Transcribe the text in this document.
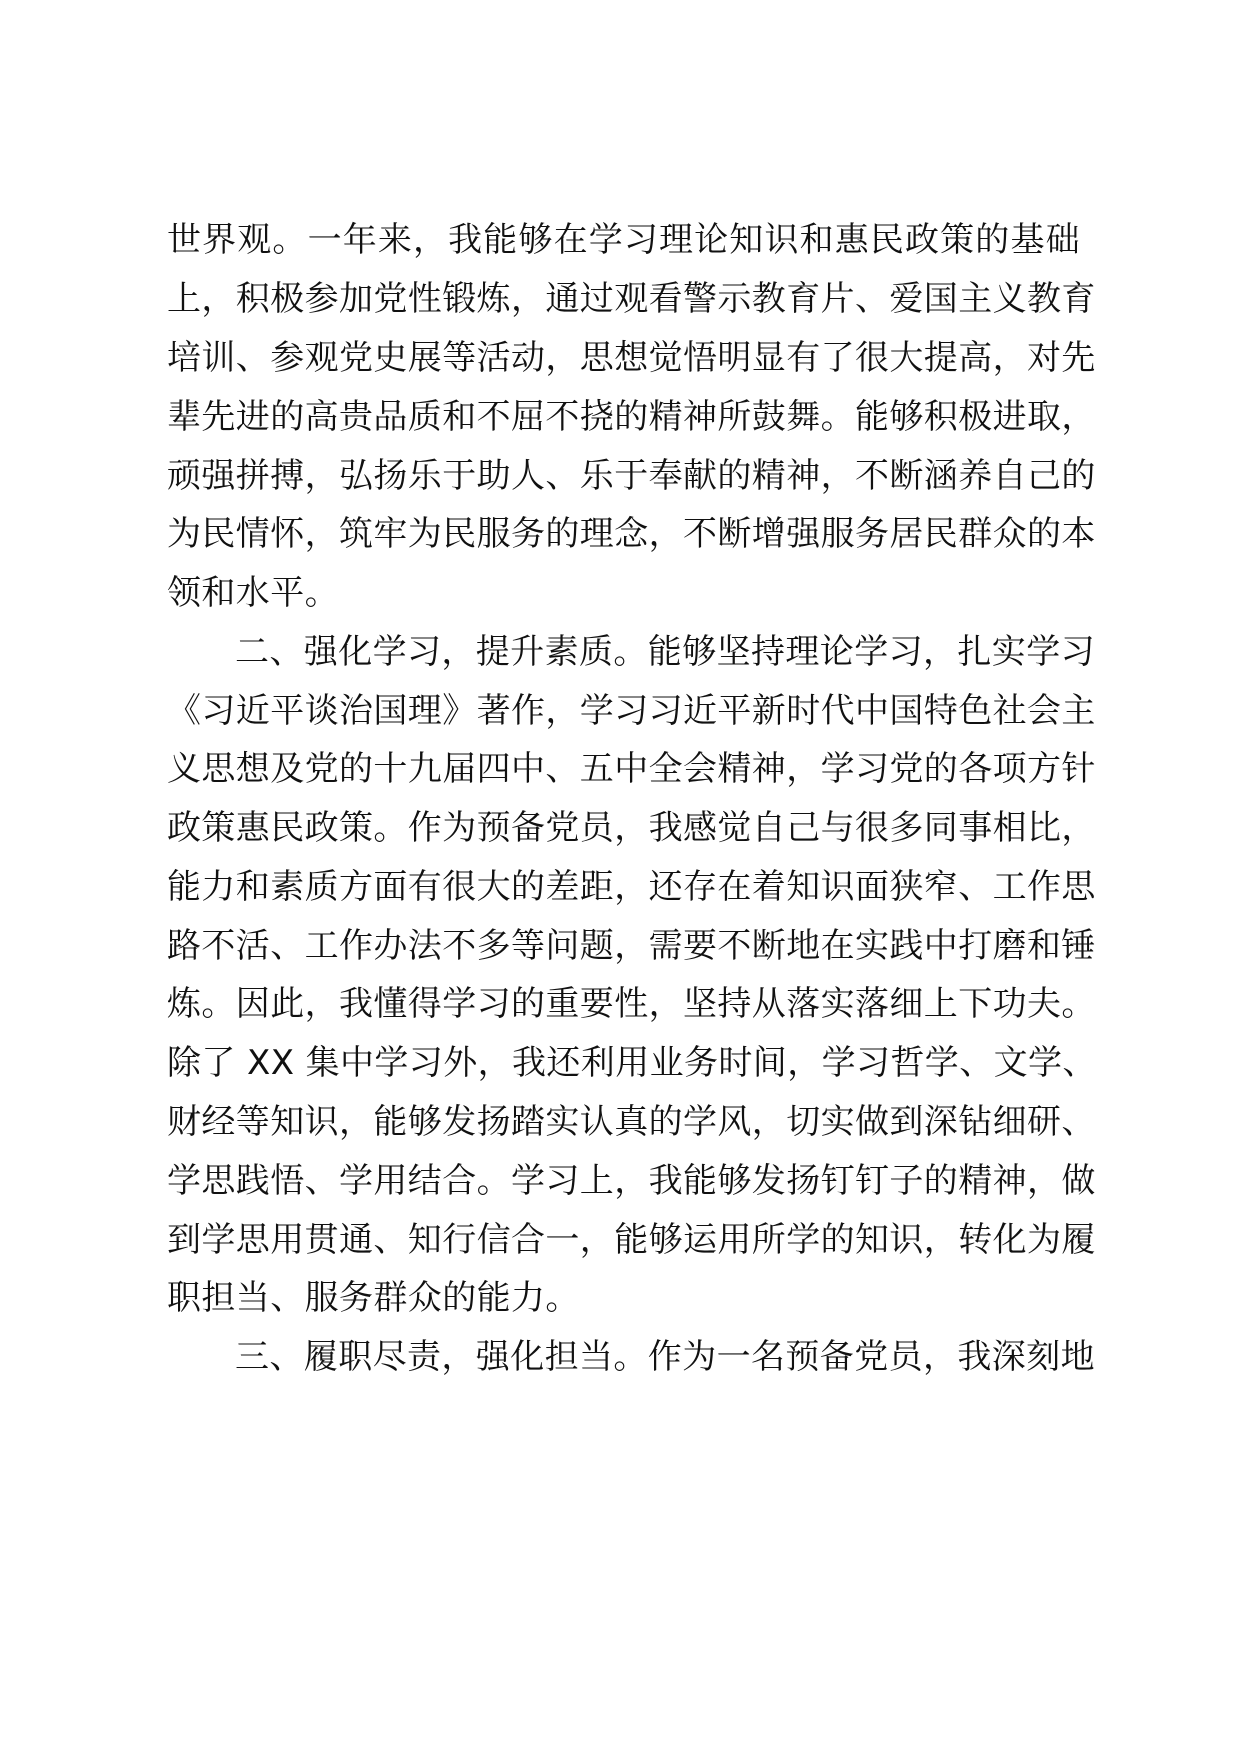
世界观。一年来，我能够在学习理论知识和惠民政策的基础
上，积极参加党性锻炼，通过观看警示教育片、爱国主义教育
培训、参观党史展等活动，思想觉悟明显有了很大提高，对先
辈先进的高贵品质和不屈不挠的精神所鼓舞。能够积极进取，
顽强拼搏，弘扬乐于助人、乐于奉献的精神，不断涵养自己的
为民情怀，筑牢为民服务的理念，不断增强服务居民群众的本
领和水平。
二、强化学习，提升素质。能够坚持理论学习，扎实学习
《习近平谈治国理》著作，学习习近平新时代中国特色社会主
义思想及党的十九届四中、五中全会精神，学习党的各项方针
政策惠民政策。作为预备党员，我感觉自己与很多同事相比，
能力和素质方面有很大的差距，还存在着知识面狭窄、工作思
路不活、工作办法不多等问题，需要不断地在实践中打磨和锤
炼。因此，我懂得学习的重要性，坚持从落实落细上下功夫。
除了 XX 集中学习外，我还利用业务时间，学习哲学、文学、
财经等知识，能够发扬踏实认真的学风，切实做到深钻细研、
学思践悟、学用结合。学习上，我能够发扬钉钉子的精神，做
到学思用贯通、知行信合一，能够运用所学的知识，转化为履
职担当、服务群众的能力。
三、履职尽责，强化担当。作为一名预备党员，我深刻地
